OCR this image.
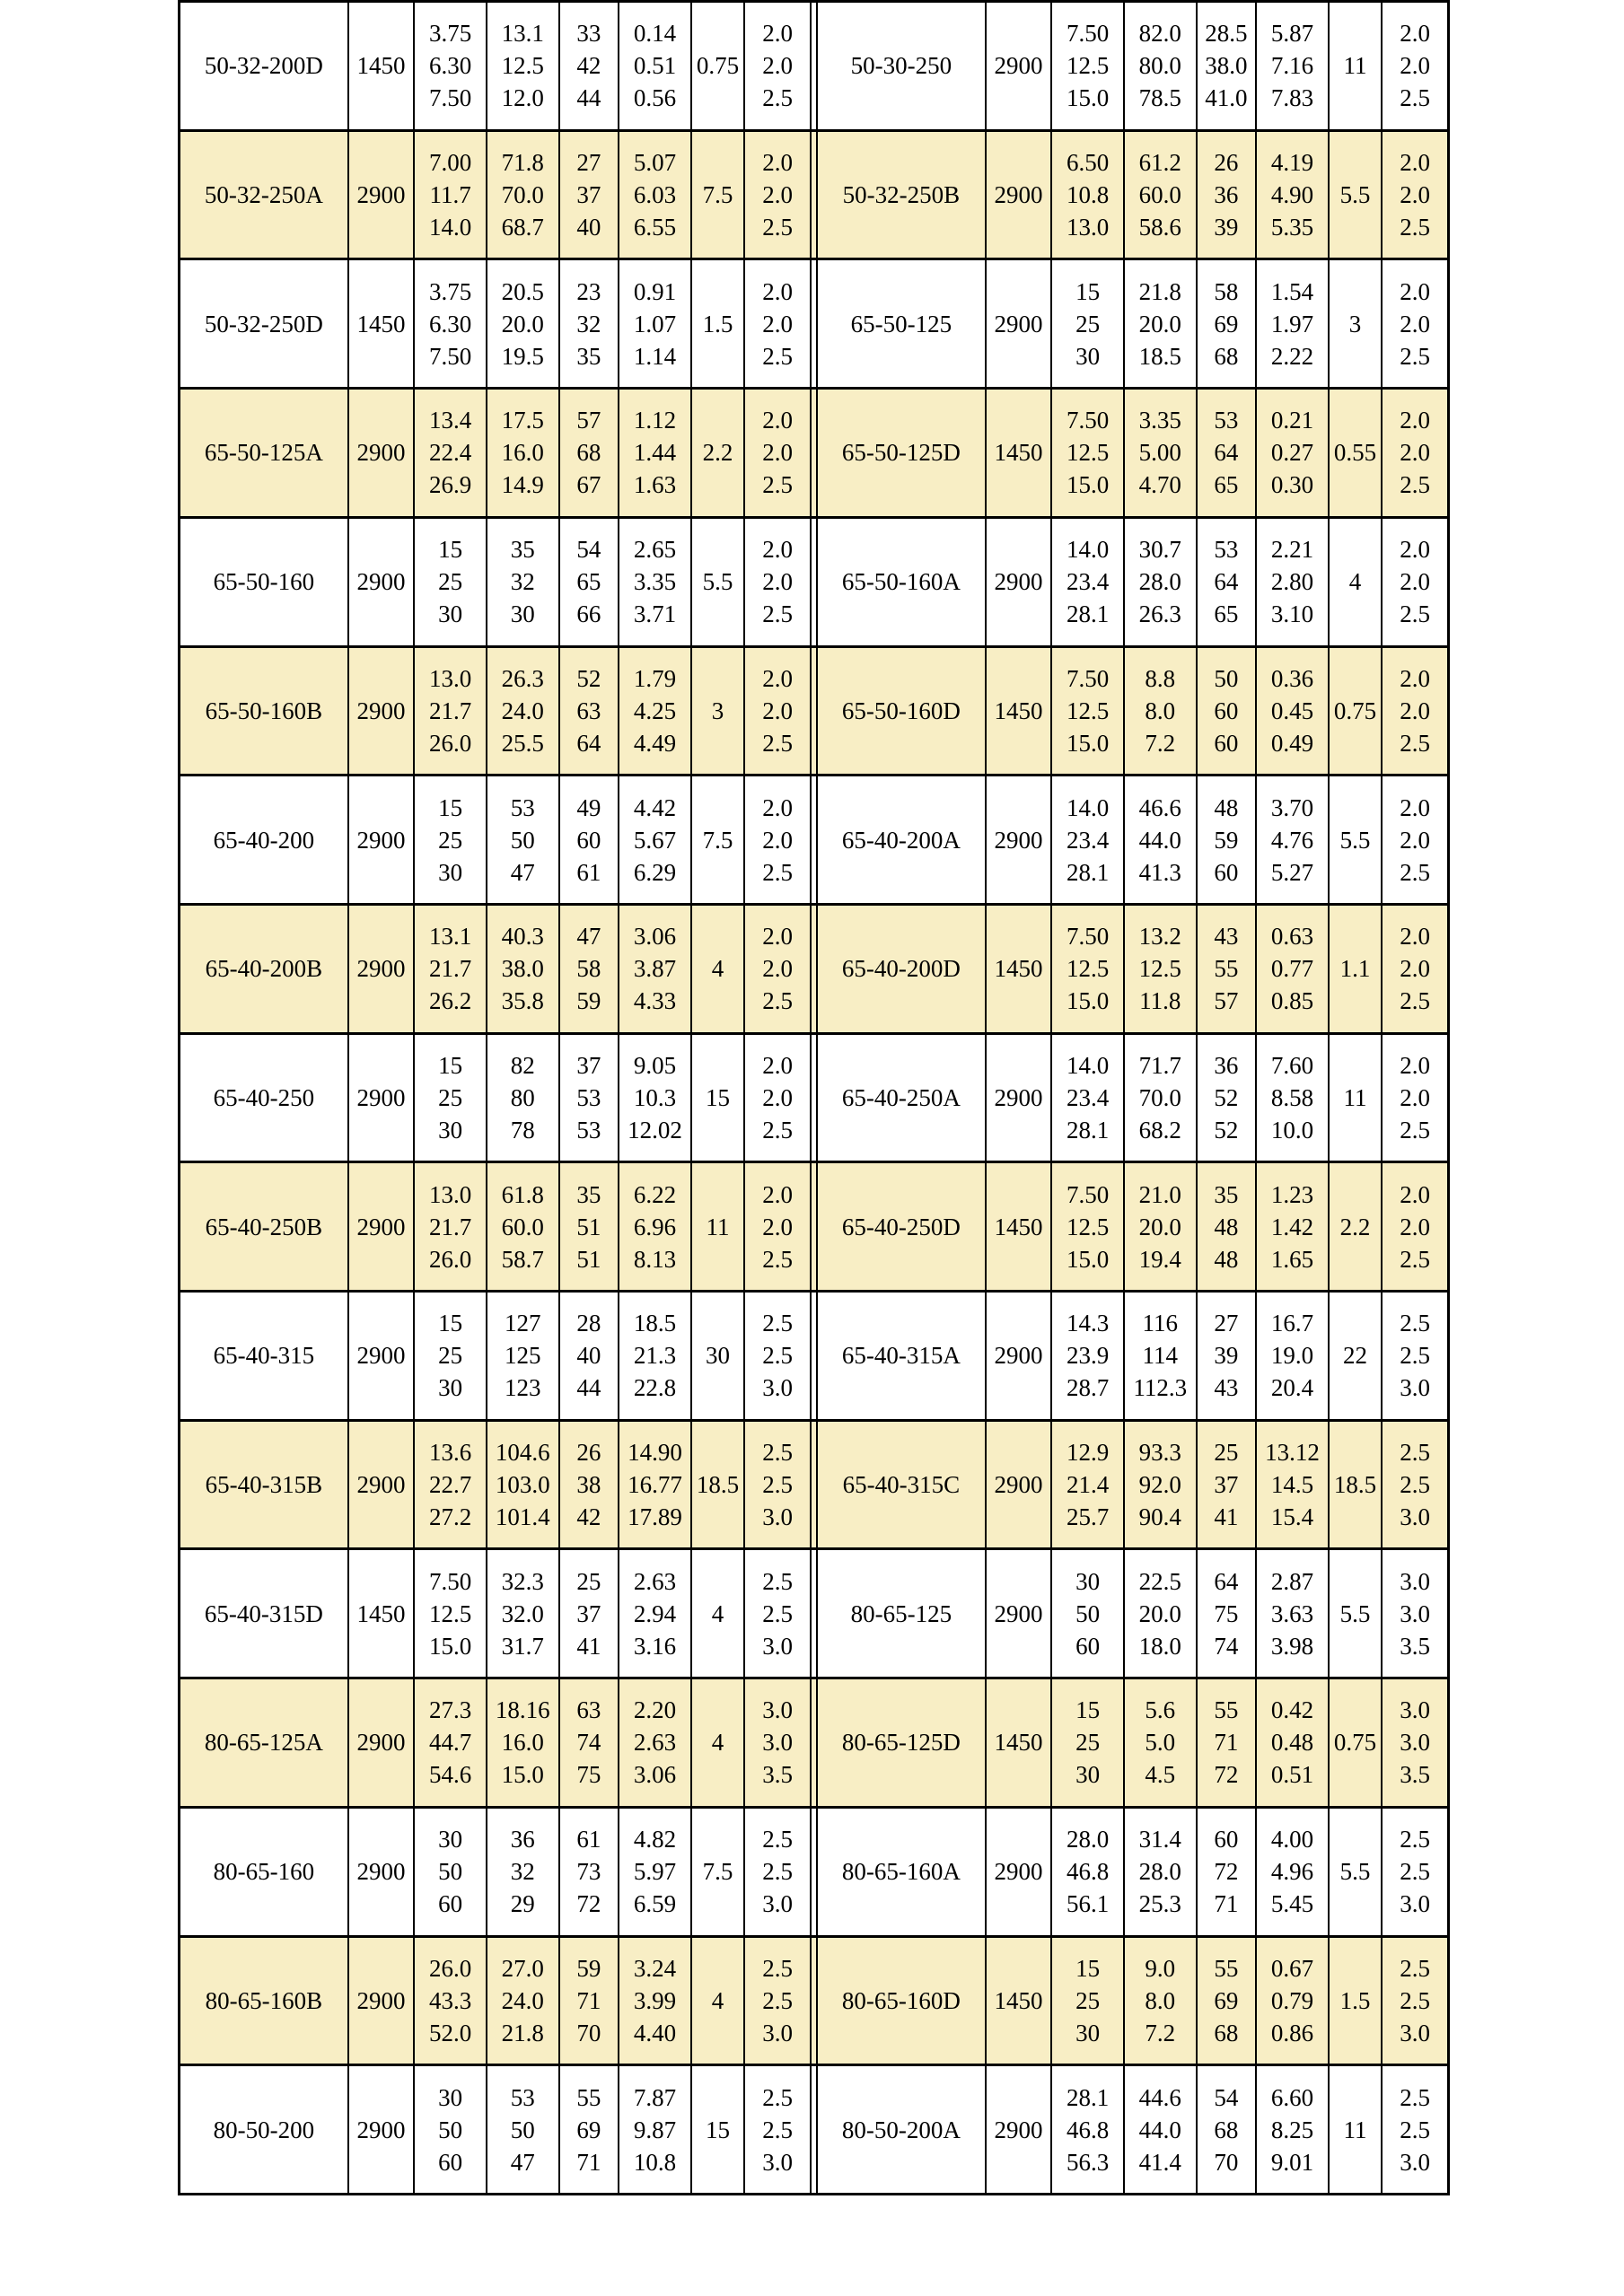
50-32-200D 1450
3.75
6.30
7.50
13.1
12.5
12.0
33
42
44
0.14
0.51
0.56
0.75
2.0
2.0
2.5
50-30-250 2900
7.50
12.5
15.0
82.0
80.0
78.5
28.5
38.0
41.0
5.87
7.16
7.83
11
2.0
2.0
2.5
50-32-250A 2900
7.00
11.7
14.0
71.8
70.0
68.7
27
37
40
5.07
6.03
6.55
7.5
2.0
2.0
2.5
50-32-250B 2900
6.50
10.8
13.0
61.2
60.0
58.6
26
36
39
4.19
4.90
5.35
5.5
2.0
2.0
2.5
50-32-250D 1450
3.75
6.30
7.50
20.5
20.0
19.5
23
32
35
0.91
1.07
1.14
1.5
2.0
2.0
2.5
65-50-125 2900
15
25
30
21.8
20.0
18.5
58
69
68
1.54
1.97
2.22
3
2.0
2.0
2.5
65-50-125A 2900
13.4
22.4
26.9
17.5
16.0
14.9
57
68
67
1.12
1.44
1.63
2.2
2.0
2.0
2.5
65-50-125D 1450
7.50
12.5
15.0
3.35
5.00
4.70
53
64
65
0.21
0.27
0.30
0.55
2.0
2.0
2.5
65-50-160 2900
15
25
30
35
32
30
54
65
66
2.65
3.35
3.71
5.5
2.0
2.0
2.5
65-50-160A 2900
14.0
23.4
28.1
30.7
28.0
26.3
53
64
65
2.21
2.80
3.10
4
2.0
2.0
2.5
65-50-160B 2900
13.0
21.7
26.0
26.3
24.0
25.5
52
63
64
1.79
4.25
4.49
3
2.0
2.0
2.5
65-50-160D 1450
7.50
12.5
15.0
8.8
8.0
7.2
50
60
60
0.36
0.45
0.49
0.75
2.0
2.0
2.5
65-40-200 2900
15
25
30
53
50
47
49
60
61
4.42
5.67
6.29
7.5
2.0
2.0
2.5
65-40-200A 2900
14.0
23.4
28.1
46.6
44.0
41.3
48
59
60
3.70
4.76
5.27
5.5
2.0
2.0
2.5
65-40-200B 2900
13.1
21.7
26.2
40.3
38.0
35.8
47
58
59
3.06
3.87
4.33
4
2.0
2.0
2.5
65-40-200D 1450
7.50
12.5
15.0
13.2
12.5
11.8
43
55
57
0.63
0.77
0.85
1.1
2.0
2.0
2.5
65-40-250 2900
15
25
30
82
80
78
37
53
53
9.05
10.3
12.02
15
2.0
2.0
2.5
65-40-250A 2900
14.0
23.4
28.1
71.7
70.0
68.2
36
52
52
7.60
8.58
10.0
11
2.0
2.0
2.5
65-40-250B 2900
13.0
21.7
26.0
61.8
60.0
58.7
35
51
51
6.22
6.96
8.13
11
2.0
2.0
2.5
65-40-250D 1450
7.50
12.5
15.0
21.0
20.0
19.4
35
48
48
1.23
1.42
1.65
2.2
2.0
2.0
2.5
65-40-315 2900
15
25
30
127
125
123
28
40
44
18.5
21.3
22.8
30
2.5
2.5
3.0
65-40-315A 2900
14.3
23.9
28.7
116
114
112.3
27
39
43
16.7
19.0
20.4
22
2.5
2.5
3.0
65-40-315B 2900
13.6
22.7
27.2
104.6
103.0
101.4
26
38
42
14.90
16.77
17.89
18.5
2.5
2.5
3.0
65-40-315C 2900
12.9
21.4
25.7
93.3
92.0
90.4
25
37
41
13.12
14.5
15.4
18.5
2.5
2.5
3.0
65-40-315D 1450
7.50
12.5
15.0
32.3
32.0
31.7
25
37
41
2.63
2.94
3.16
4
2.5
2.5
3.0
80-65-125 2900
30
50
60
22.5
20.0
18.0
64
75
74
2.87
3.63
3.98
5.5
3.0
3.0
3.5
80-65-125A 2900
27.3
44.7
54.6
18.16
16.0
15.0
63
74
75
2.20
2.63
3.06
4
3.0
3.0
3.5
80-65-125D 1450
15
25
30
5.6
5.0
4.5
55
71
72
0.42
0.48
0.51
0.75
3.0
3.0
3.5
80-65-160 2900
30
50
60
36
32
29
61
73
72
4.82
5.97
6.59
7.5
2.5
2.5
3.0
80-65-160A 2900
28.0
46.8
56.1
31.4
28.0
25.3
60
72
71
4.00
4.96
5.45
5.5
2.5
2.5
3.0
80-65-160B 2900
26.0
43.3
52.0
27.0
24.0
21.8
59
71
70
3.24
3.99
4.40
4
2.5
2.5
3.0
80-65-160D 1450
15
25
30
9.0
8.0
7.2
55
69
68
0.67
0.79
0.86
1.5
2.5
2.5
3.0
80-50-200 2900
30
50
60
53
50
47
55
69
71
7.87
9.87
10.8
15
2.5
2.5
3.0
80-50-200A 2900
28.1
46.8
56.3
44.6
44.0
41.4
54
68
70
6.60
8.25
9.01
11
2.5
2.5
3.0
